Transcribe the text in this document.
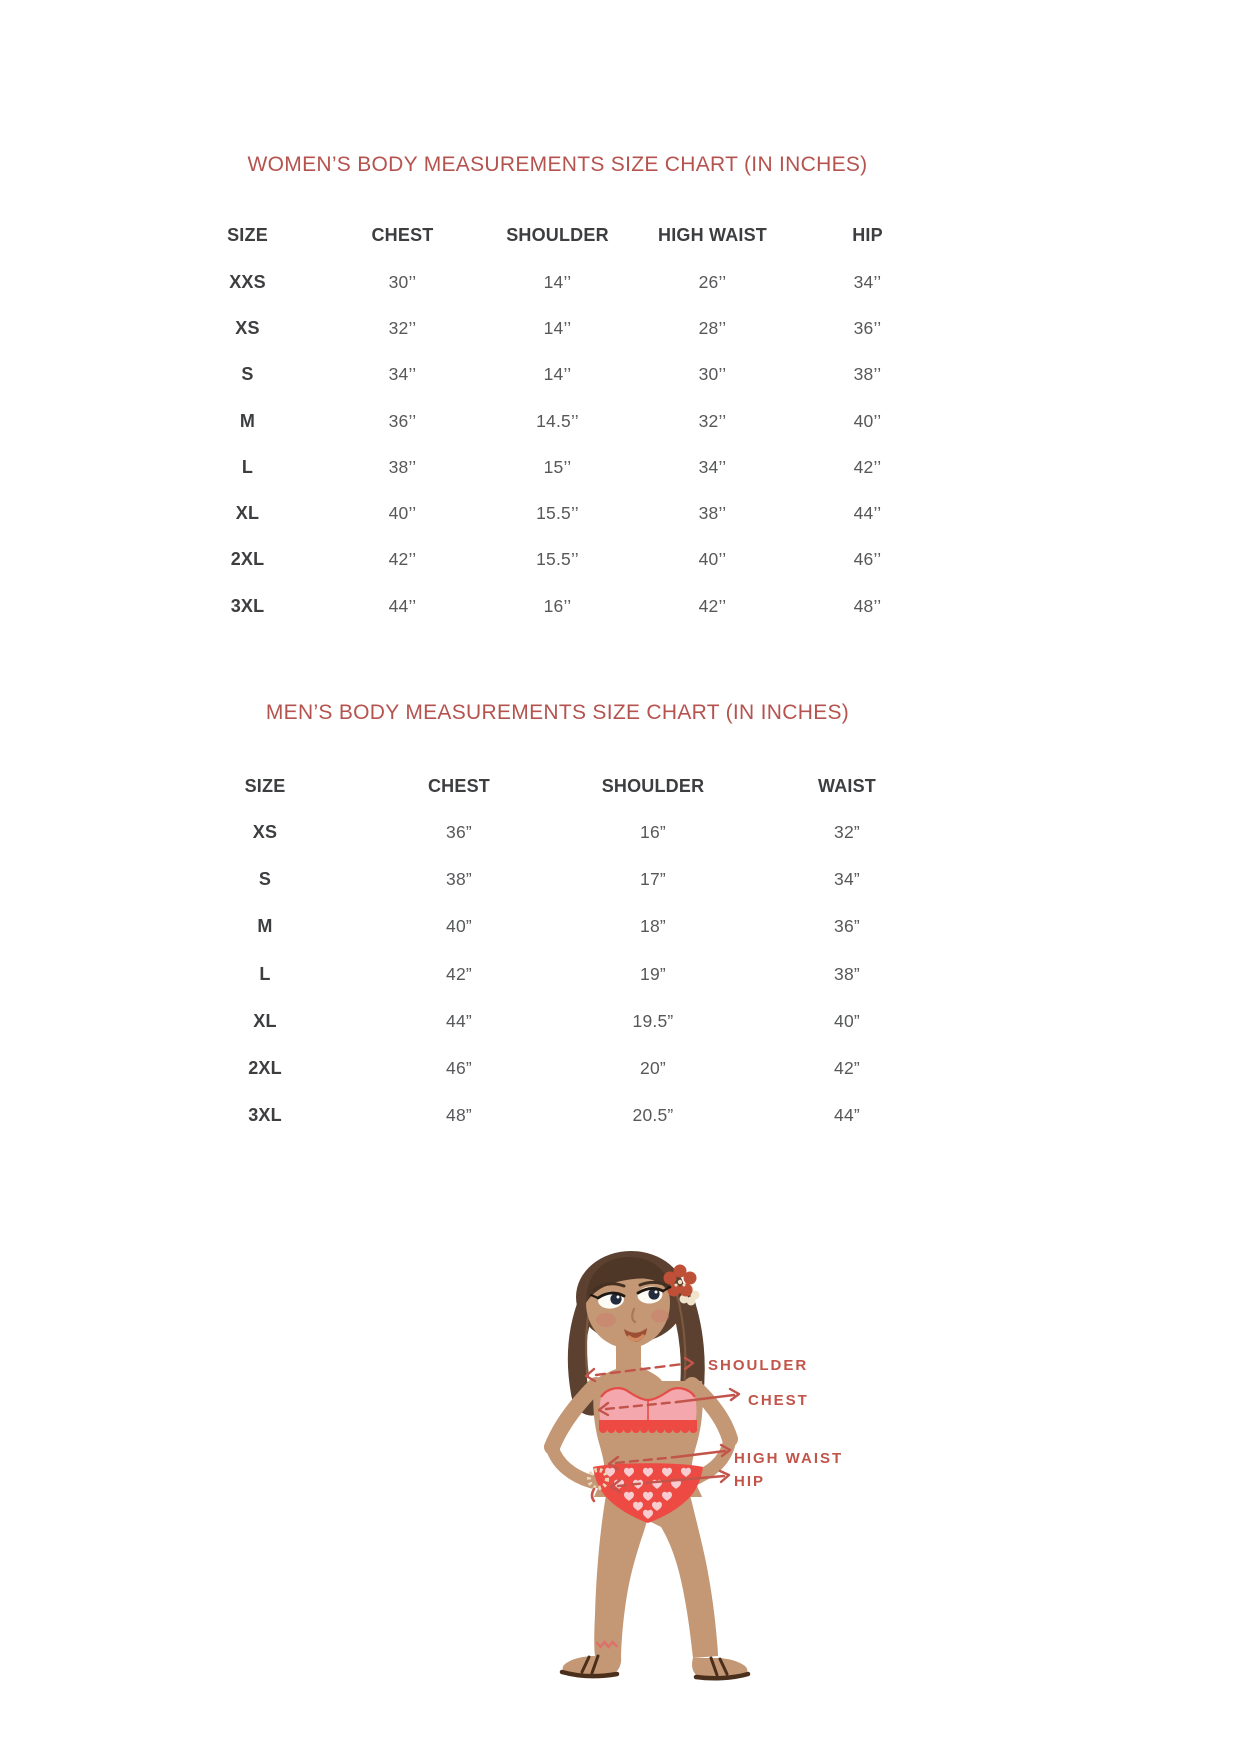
WOMEN’S BODY MEASUREMENTS SIZE CHART (IN INCHES)
SIZE	CHEST	SHOULDER	HIGH WAIST	HIP
XXS	30’’	14’’	26’’	34’’
XS	32’’	14’’	28’’	36’’
S	34’’	14’’	30’’	38’’
M	36’’	14.5’’	32’’	40’’
L	38’’	15’’	34’’	42’’
XL	40’’	15.5’’	38’’	44’’
2XL	42’’	15.5’’	40’’	46’’
3XL	44’’	16’’	42’’	48’’
MEN’S BODY MEASUREMENTS SIZE CHART (IN INCHES)
SIZE	CHEST	SHOULDER	WAIST
XS	36”	16”	32”
S	38”	17”	34”
M	40”	18”	36”
L	42”	19”	38”
XL	44”	19.5”	40”
2XL	46”	20”	42”
3XL	48”	20.5”	44”
SHOULDER
CHEST
HIGH WAIST
HIP
